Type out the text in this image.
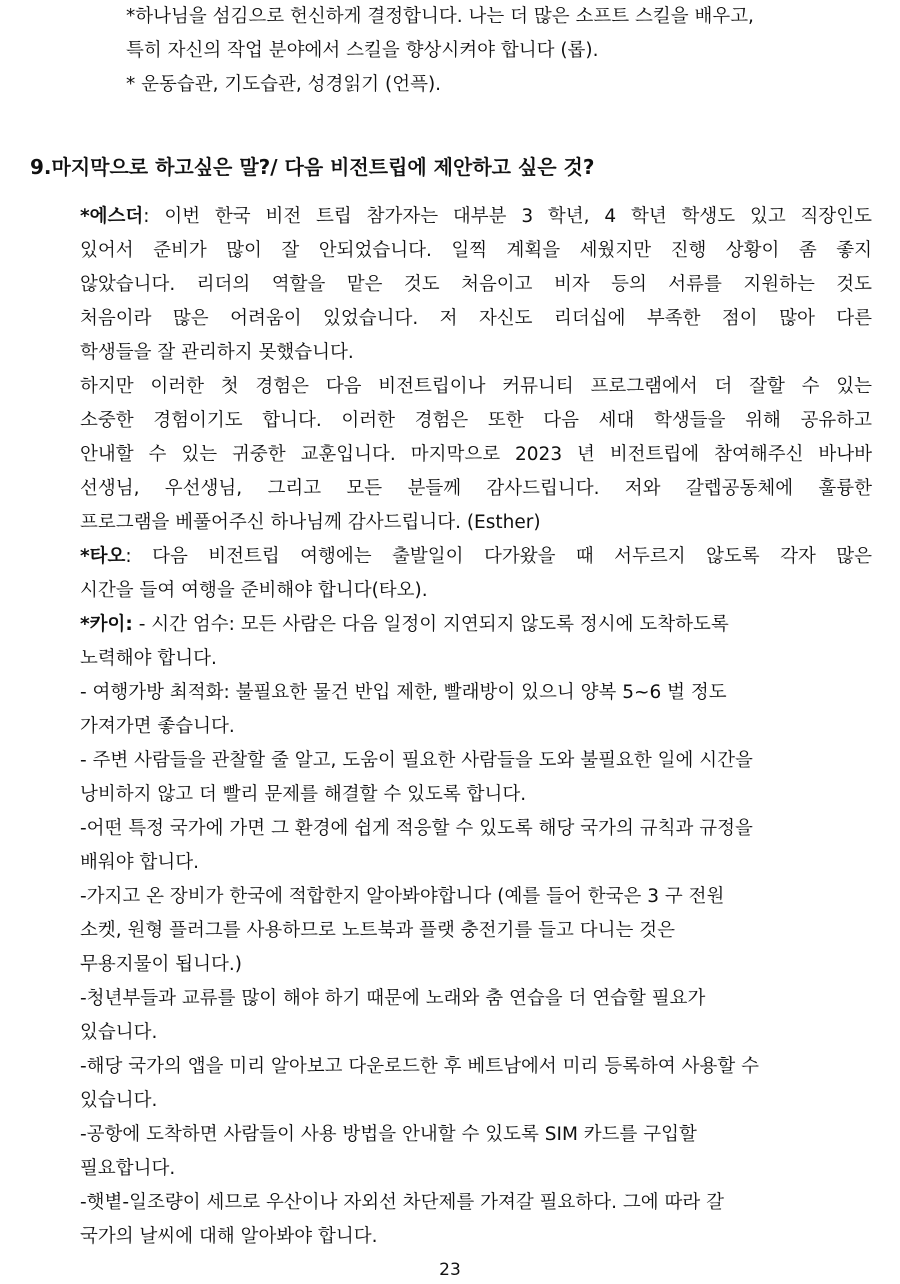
*하나님을 섬김으로 헌신하게 결정합니다. 나는 더 많은 소프트 스킬을 배우고,

특히 자신의 작업 분야에서 스킬을 향상시켜야 합니다 (롭).

* 운동습관, 기도습관, 성경읽기 (언픅).

9.마지막으로 하고싶은 말?/ 다음 비전트립에 제안하고 싶은 것?

*에스더: 이번 한국 비전 트립 참가자는 대부분 3 학년, 4 학년 학생도 있고 직장인도

있어서 준비가 많이 잘 안되었습니다. 일찍 계획을 세웠지만 진행 상황이 좀 좋지

않았습니다. 리더의 역할을 맡은 것도 처음이고 비자 등의 서류를 지원하는 것도

처음이라 많은 어려움이 있었습니다. 저 자신도 리더십에 부족한 점이 많아 다른

학생들을 잘 관리하지 못했습니다.

하지만 이러한 첫 경험은 다음 비전트립이나 커뮤니티 프로그램에서 더 잘할 수 있는

소중한 경험이기도 합니다. 이러한 경험은 또한 다음 세대 학생들을 위해 공유하고

안내할 수 있는 귀중한 교훈입니다. 마지막으로 2023 년 비전트립에 참여해주신 바나바

선생님, 우선생님, 그리고 모든 분들께 감사드립니다. 저와 갈렙공동체에 훌륭한

프로그램을 베풀어주신 하나님께 감사드립니다. (Esther)

*타오: 다음 비전트립 여행에는 출발일이 다가왔을 때 서두르지 않도록 각자 많은

시간을 들여 여행을 준비해야 합니다(타오).

*카이: - 시간 엄수: 모든 사람은 다음 일정이 지연되지 않도록 정시에 도착하도록

노력해야 합니다.

- 여행가방 최적화: 불필요한 물건 반입 제한, 빨래방이 있으니 양복 5~6 벌 정도

가져가면 좋습니다.

- 주변 사람들을 관찰할 줄 알고, 도움이 필요한 사람들을 도와 불필요한 일에 시간을

낭비하지 않고 더 빨리 문제를 해결할 수 있도록 합니다.

-어떤 특정 국가에 가면 그 환경에 쉽게 적응할 수 있도록 해당 국가의 규칙과 규정을

배워야 합니다.

-가지고 온 장비가 한국에 적합한지 알아봐야합니다 (예를 들어 한국은 3 구 전원

소켓, 원형 플러그를 사용하므로 노트북과 플랫 충전기를 들고 다니는 것은

무용지물이 됩니다.)

-청년부들과 교류를 많이 해야 하기 때문에 노래와 춤 연습을 더 연습할 필요가

있습니다.

-해당 국가의 앱을 미리 알아보고 다운로드한 후 베트남에서 미리 등록하여 사용할 수

있습니다.

-공항에 도착하면 사람들이 사용 방법을 안내할 수 있도록 SIM 카드를 구입할

필요합니다.

-햇볕-일조량이 세므로 우산이나 자외선 차단제를 가져갈 필요하다. 그에 따라 갈

국가의 날씨에 대해 알아봐야 합니다.

23
